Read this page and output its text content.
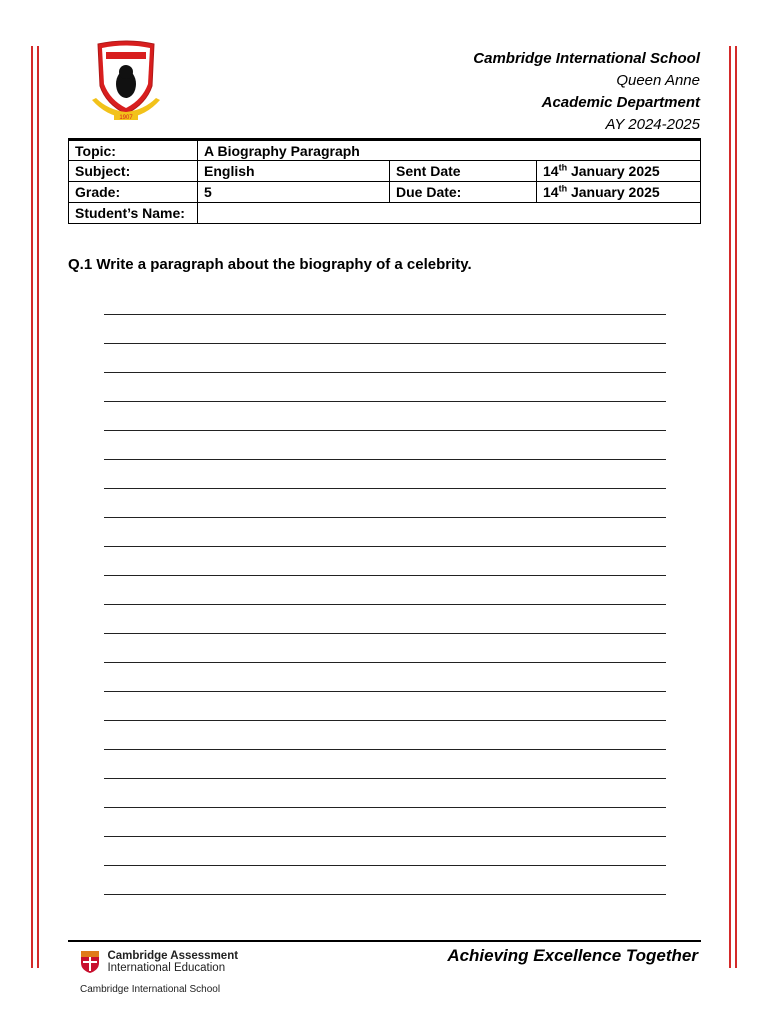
1907
Cambridge International School
Queen Anne
Academic Department
AY 2024-2025
Topic:	A Biography Paragraph		
Subject:	English	Sent Date	14th January 2025
Grade:	5	Due Date:	14th January 2025
Student’s Name:			
Q.1 Write a paragraph about the biography of a celebrity.

Cambridge Assessment
International Education
Cambridge International School
Achieving Excellence Together
